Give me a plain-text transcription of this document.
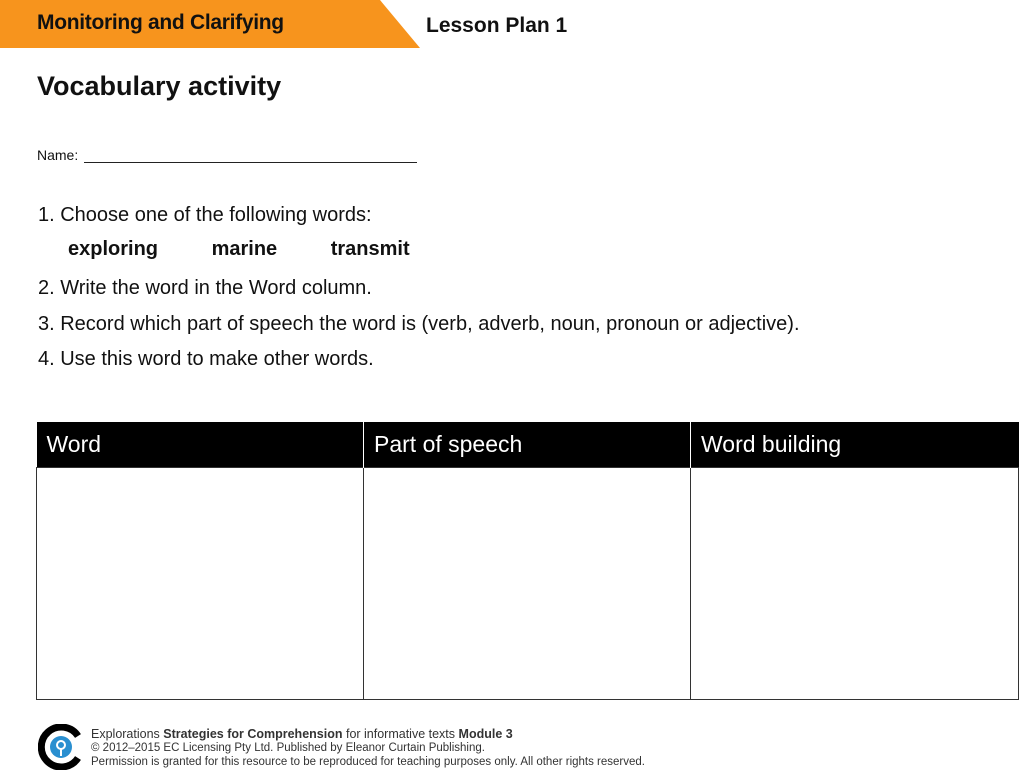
Monitoring and Clarifying	Lesson Plan 1
Vocabulary activity
Name:
1. Choose one of the following words:
exploring	marine	transmit
2. Write the word in the Word column.
3. Record which part of speech the word is (verb, adverb, noun, pronoun or adjective).
4. Use this word to make other words.
Word	Part of speech	Word building

Explorations Strategies for Comprehension for informative texts Module 3
© 2012–2015 EC Licensing Pty Ltd. Published by Eleanor Curtain Publishing.
Permission is granted for this resource to be reproduced for teaching purposes only. All other rights reserved.
